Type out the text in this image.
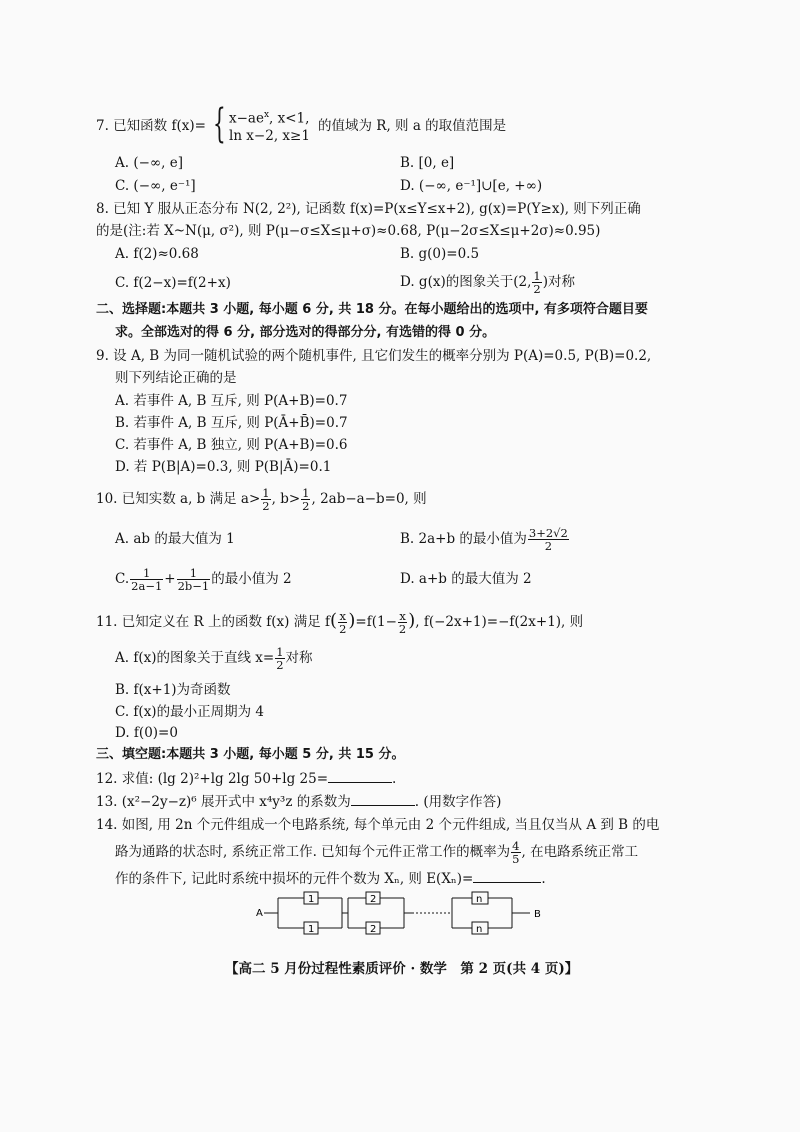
7. 已知函数 f(x)= { $x-ae^x$, x<1,
ln x−2, x≥1
的值域为 R, 则 a 的取值范围是
A. (−∞, e]	B. [0, e]
C. (−∞, e⁻¹]	D. (−∞, e⁻¹]∪[e, +∞)
8. 已知 Y 服从正态分布 N(2, 2²), 记函数 f(x)=P(x≤Y≤x+2), g(x)=P(Y≥x), 则下列正确
的是(注:若 X~N(μ, σ²), 则 P(μ−σ≤X≤μ+σ)≈0.68, P(μ−2σ≤X≤μ+2σ)≈0.95)
A. f(2)≈0.68	B. g(0)=0.5
C. f(2−x)=f(2+x)	D. g(x)的图象关于(2, $\frac{1}{2}$ )对称
二、选择题:本题共 3 小题, 每小题 6 分, 共 18 分。在每小题给出的选项中, 有多项符合题目要
求。全部选对的得 6 分, 部分选对的得部分分, 有选错的得 0 分。
9. 设 A, B 为同一随机试验的两个随机事件, 且它们发生的概率分别为 P(A)=0.5, P(B)=0.2,
则下列结论正确的是
A. 若事件 A, B 互斥, 则 P(A+B)=0.7
B. 若事件 A, B 互斥, 则 P(Ā+B̄)=0.7
C. 若事件 A, B 独立, 则 P(A+B)=0.6
D. 若 P(B|A)=0.3, 则 P(B|Ā)=0.1
10. 已知实数 a, b 满足 $a> \frac{1}{2}$ , $b> \frac{1}{2}$ , 2ab−a−b=0, 则
A. ab 的最大值为 1	B. 2a+b 的最小值为 $\frac{3+2√2}{2}$
C. $\frac{1}{2a-1} + \frac{1}{2b-1}$ 的最小值为 2	D. a+b 的最大值为 2
11. 已知定义在 R 上的函数 f(x) 满足 $f( \frac{x}{2} )=f(1- \frac{x}{2}$ ), f(−2x+1)=−f(2x+1), 则
A. f(x)的图象关于直线 $x= \frac{1}{2}$ 对称
B. f(x+1)为奇函数
C. f(x)的最小正周期为 4
D. f(0)=0
三、填空题:本题共 3 小题, 每小题 5 分, 共 15 分。
12. 求值: (lg 2)²+lg 2lg 50+lg 25=	.
13. (x²−2y−z)⁶ 展开式中 x⁴y³z 的系数为	. (用数字作答)
14. 如图, 用 2n 个元件组成一个电路系统, 每个单元由 2 个元件组成, 当且仅当从 A 到 B 的电
路为通路的状态时, 系统正常工作. 已知每个元件正常工作的概率为 $\frac{4}{5}$ , 在电路系统正常工
作的条件下, 记此时系统中损坏的元件个数为 Xₙ, 则 E(Xₙ)=	.
A	B
1
1
2
2
n
n
【高二 5 月份过程性素质评价 · 数学　第 2 页(共 4 页)】
